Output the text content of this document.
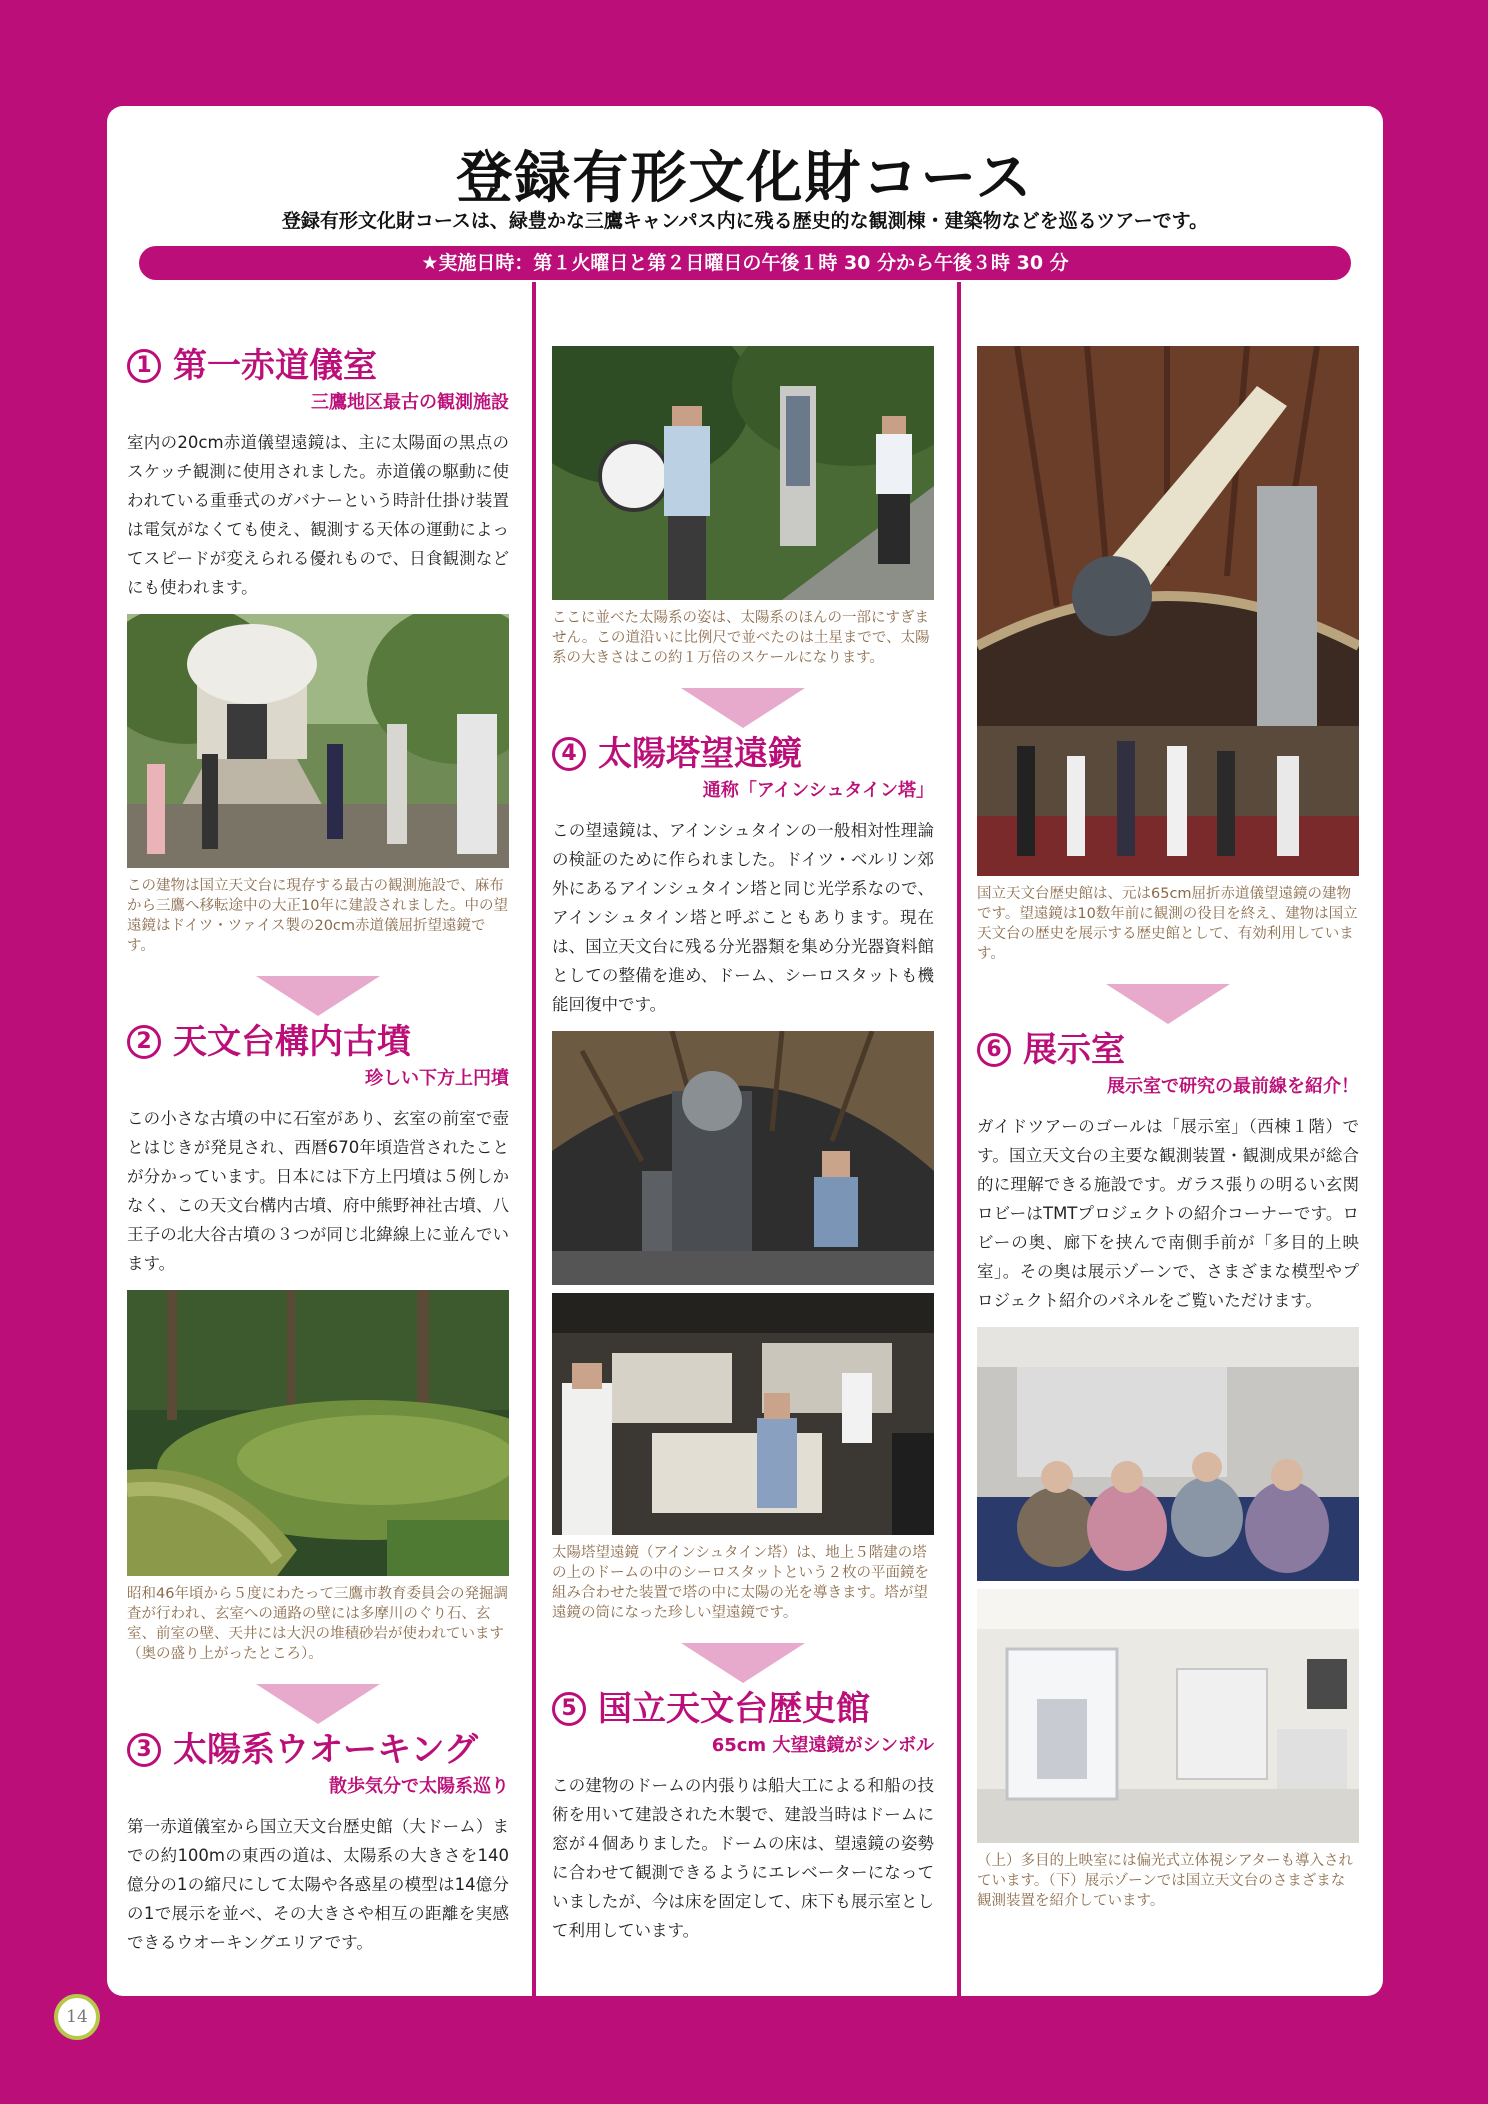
登録有形文化財コース

登録有形文化財コースは、緑豊かな三鷹キャンパス内に残る歴史的な観測棟・建築物などを巡るツアーです。

★実施日時：第１火曜日と第２日曜日の午後１時 30 分から午後３時 30 分
1 第一赤道儀室
三鷹地区最古の観測施設

室内の20cm赤道儀望遠鏡は、主に太陽面の黒点のスケッチ観測に使用されました。赤道儀の駆動に使われている重垂式のガバナーという時計仕掛け装置は電気がなくても使え、観測する天体の運動によってスピードが変えられる優れもので、日食観測などにも使われます。

この建物は国立天文台に現存する最古の観測施設で、麻布から三鷹へ移転途中の大正10年に建設されました。中の望遠鏡はドイツ・ツァイス製の20cm赤道儀屈折望遠鏡です。

2 天文台構内古墳
珍しい下方上円墳

この小さな古墳の中に石室があり、玄室の前室で壺とはじきが発見され、西暦670年頃造営されたことが分かっています。日本には下方上円墳は５例しかなく、この天文台構内古墳、府中熊野神社古墳、八王子の北大谷古墳の３つが同じ北緯線上に並んでいます。

昭和46年頃から５度にわたって三鷹市教育委員会の発掘調査が行われ、玄室への通路の壁には多摩川のぐり石、玄室、前室の壁、天井には大沢の堆積砂岩が使われています（奥の盛り上がったところ）。

3 太陽系ウオーキング
散歩気分で太陽系巡り

第一赤道儀室から国立天文台歴史館（大ドーム）までの約100mの東西の道は、太陽系の大きさを140億分の1の縮尺にして太陽や各惑星の模型は14億分の1で展示を並べ、その大きさや相互の距離を実感できるウオーキングエリアです。

ここに並べた太陽系の姿は、太陽系のほんの一部にすぎません。この道沿いに比例尺で並べたのは土星までで、太陽系の大きさはこの約１万倍のスケールになります。

4 太陽塔望遠鏡
通称「アインシュタイン塔」

この望遠鏡は、アインシュタインの一般相対性理論の検証のために作られました。ドイツ・ベルリン郊外にあるアインシュタイン塔と同じ光学系なので、アインシュタイン塔と呼ぶこともあります。現在は、国立天文台に残る分光器類を集め分光器資料館としての整備を進め、ドーム、シーロスタットも機能回復中です。

太陽塔望遠鏡（アインシュタイン塔）は、地上５階建の塔の上のドームの中のシーロスタットという２枚の平面鏡を組み合わせた装置で塔の中に太陽の光を導きます。塔が望遠鏡の筒になった珍しい望遠鏡です。

5 国立天文台歴史館
65cm 大望遠鏡がシンボル

この建物のドームの内張りは船大工による和船の技術を用いて建設された木製で、建設当時はドームに窓が４個ありました。ドームの床は、望遠鏡の姿勢に合わせて観測できるようにエレベーターになっていましたが、今は床を固定して、床下も展示室として利用しています。

国立天文台歴史館は、元は65cm屈折赤道儀望遠鏡の建物です。望遠鏡は10数年前に観測の役目を終え、建物は国立天文台の歴史を展示する歴史館として、有効利用しています。

6 展示室
展示室で研究の最前線を紹介！

ガイドツアーのゴールは「展示室」（西棟１階）です。国立天文台の主要な観測装置・観測成果が総合的に理解できる施設です。ガラス張りの明るい玄関ロビーはTMTプロジェクトの紹介コーナーです。ロビーの奥、廊下を挟んで南側手前が「多目的上映室」。その奥は展示ゾーンで、さまざまな模型やプロジェクト紹介のパネルをご覧いただけます。

（上）多目的上映室には偏光式立体視シアターも導入されています。（下）展示ゾーンでは国立天文台のさまざまな観測装置を紹介しています。

14
